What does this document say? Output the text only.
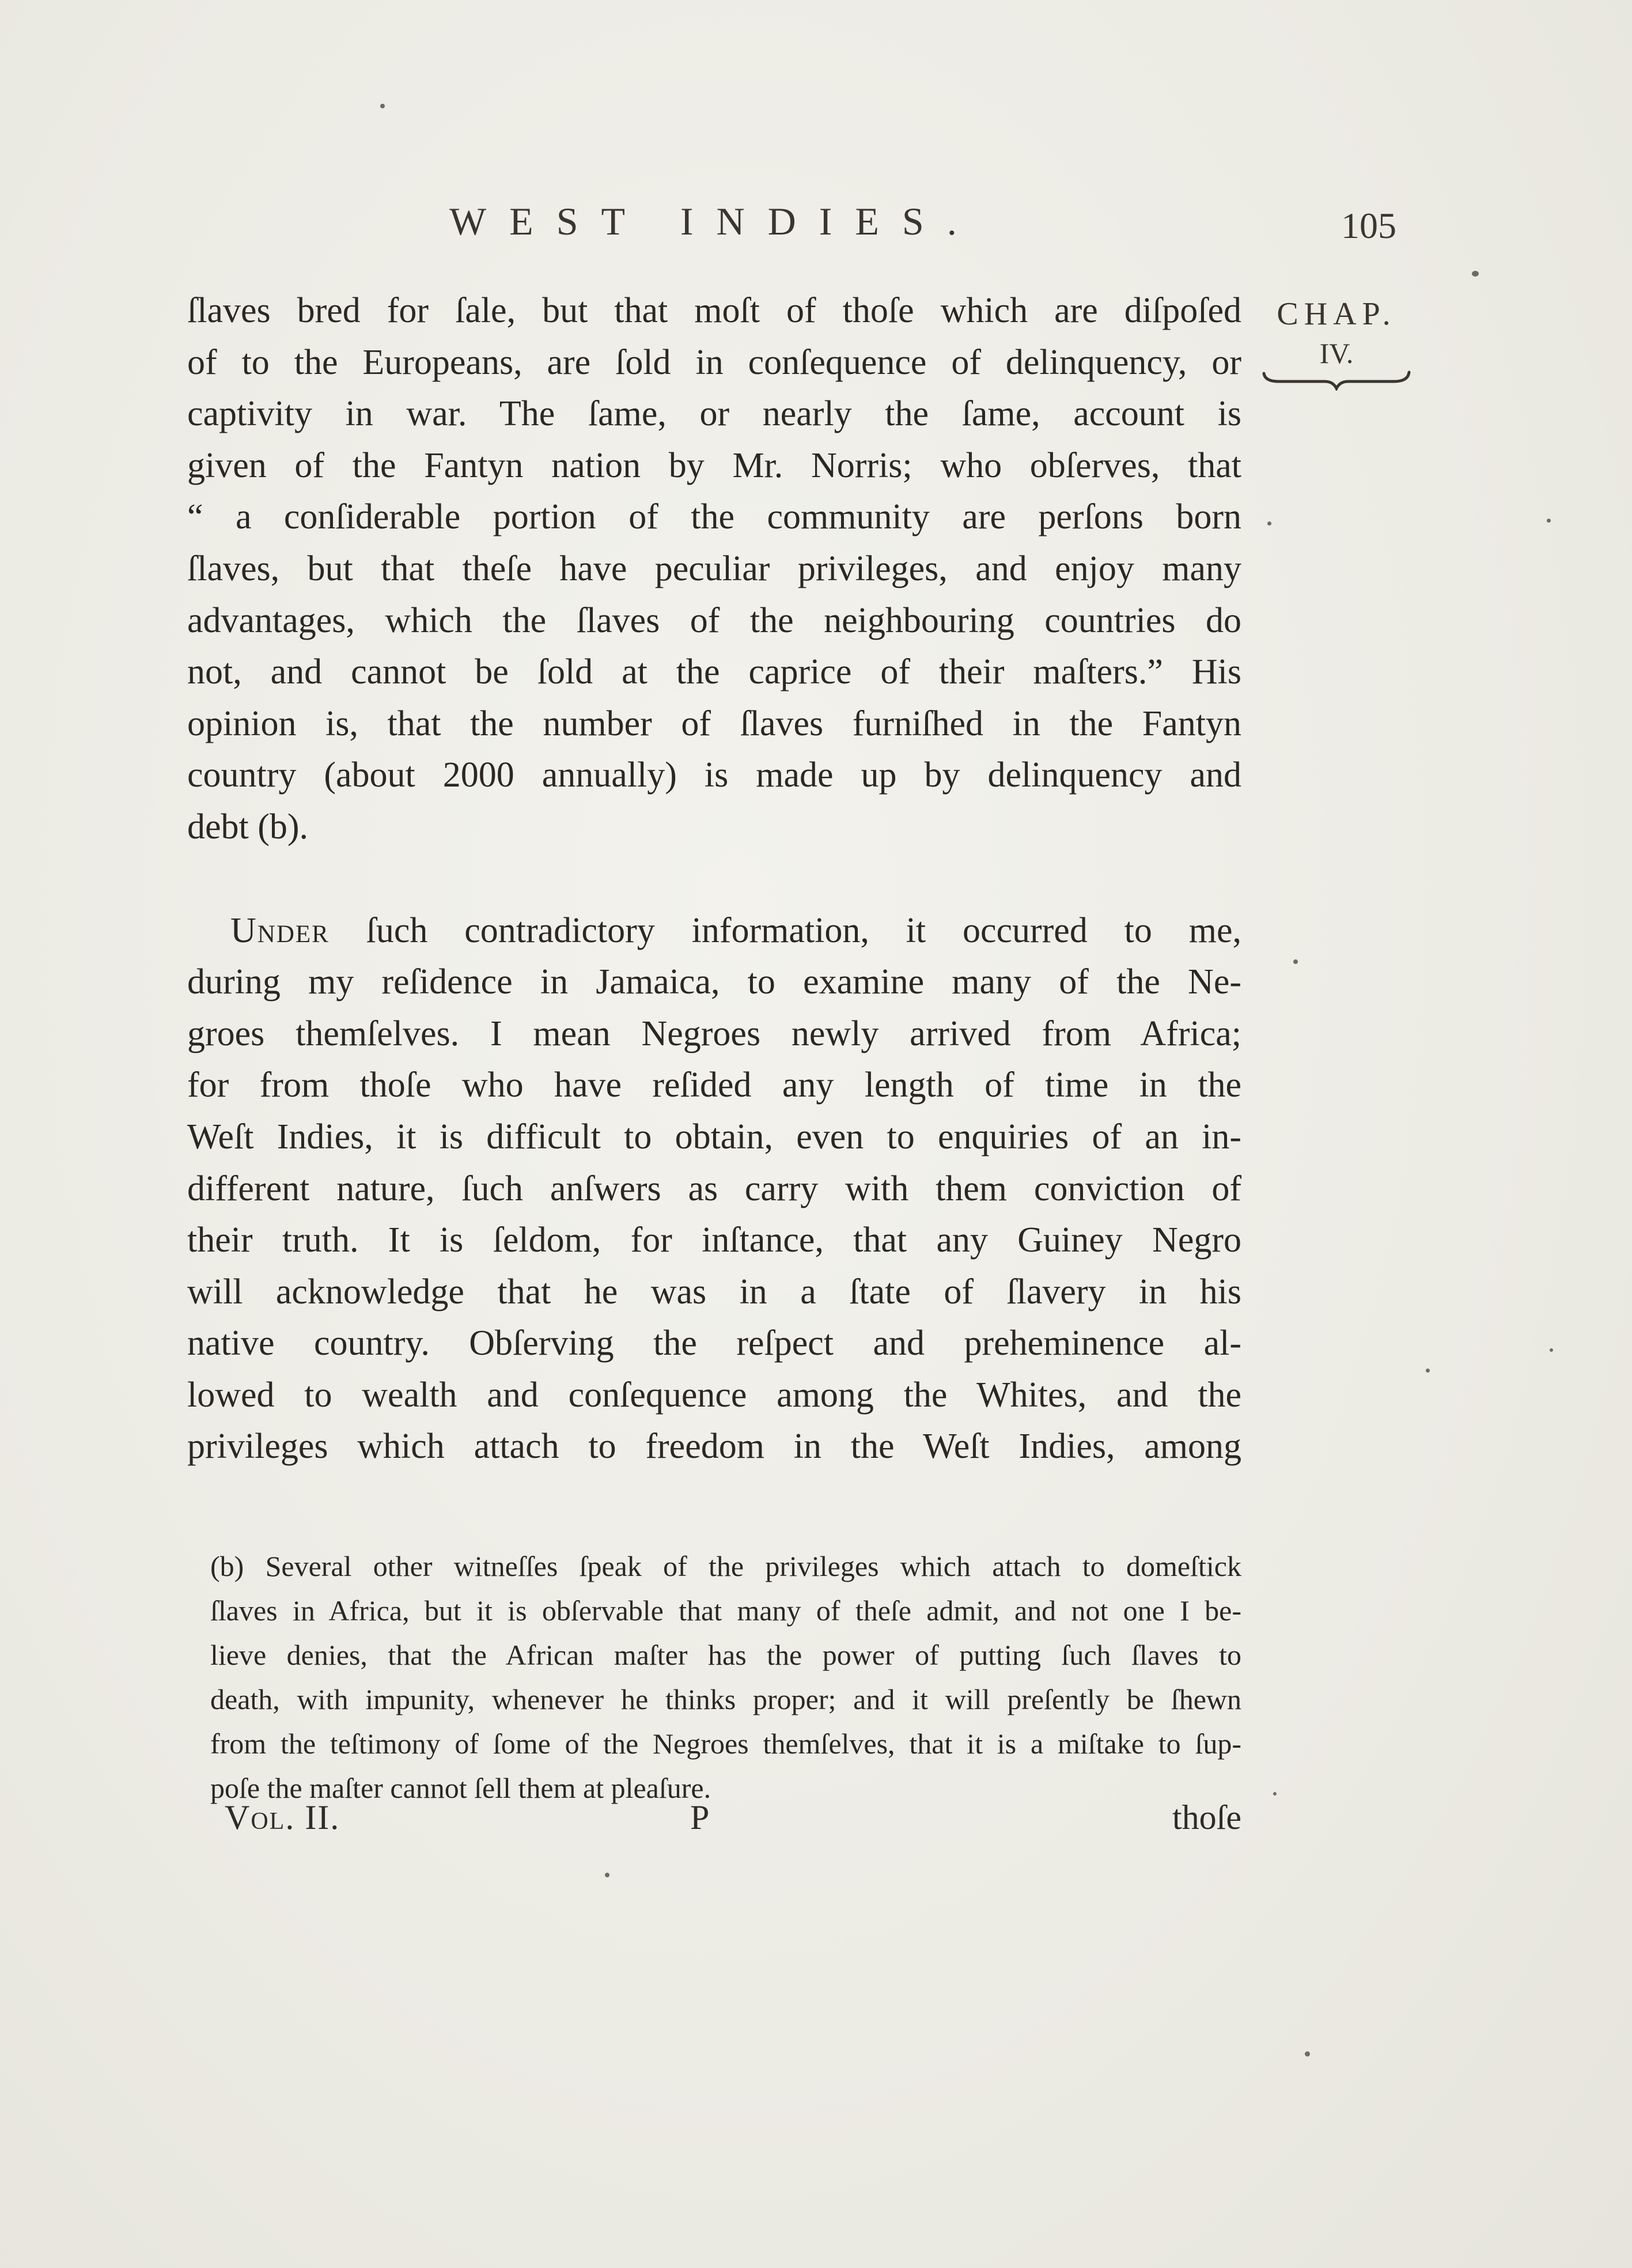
WEST INDIES.	105
CHAP.
IV.
ſlaves bred for ſale, but that moſt of thoſe which are diſpoſed
of to the Europeans, are ſold in conſequence of delinquency, or
captivity in war. The ſame, or nearly the ſame, account is
given of the Fantyn nation by Mr. Norris; who obſerves, that
“ a conſiderable portion of the community are perſons born
ſlaves, but that theſe have peculiar privileges, and enjoy many
advantages, which the ſlaves of the neighbouring countries do
not, and cannot be ſold at the caprice of their maſters.” His
opinion is, that the number of ſlaves furniſhed in the Fantyn
country (about 2000 annually) is made up by delinquency and
debt (b).
Under ſuch contradictory information, it occurred to me,
during my reſidence in Jamaica, to examine many of the Ne-
groes themſelves. I mean Negroes newly arrived from Africa;
for from thoſe who have reſided any length of time in the
Weſt Indies, it is difficult to obtain, even to enquiries of an in-
different nature, ſuch anſwers as carry with them conviction of
their truth. It is ſeldom, for inſtance, that any Guiney Negro
will acknowledge that he was in a ſtate of ſlavery in his
native country. Obſerving the reſpect and preheminence al-
lowed to wealth and conſequence among the Whites, and the
privileges which attach to freedom in the Weſt Indies, among
(b) Several other witneſſes ſpeak of the privileges which attach to domeſtick
ſlaves in Africa, but it is obſervable that many of theſe admit, and not one I be-
lieve denies, that the African maſter has the power of putting ſuch ſlaves to
death, with impunity, whenever he thinks proper; and it will preſently be ſhewn
from the teſtimony of ſome of the Negroes themſelves, that it is a miſtake to ſup-
poſe the maſter cannot ſell them at pleaſure.
Vol. II.	P	thoſe
